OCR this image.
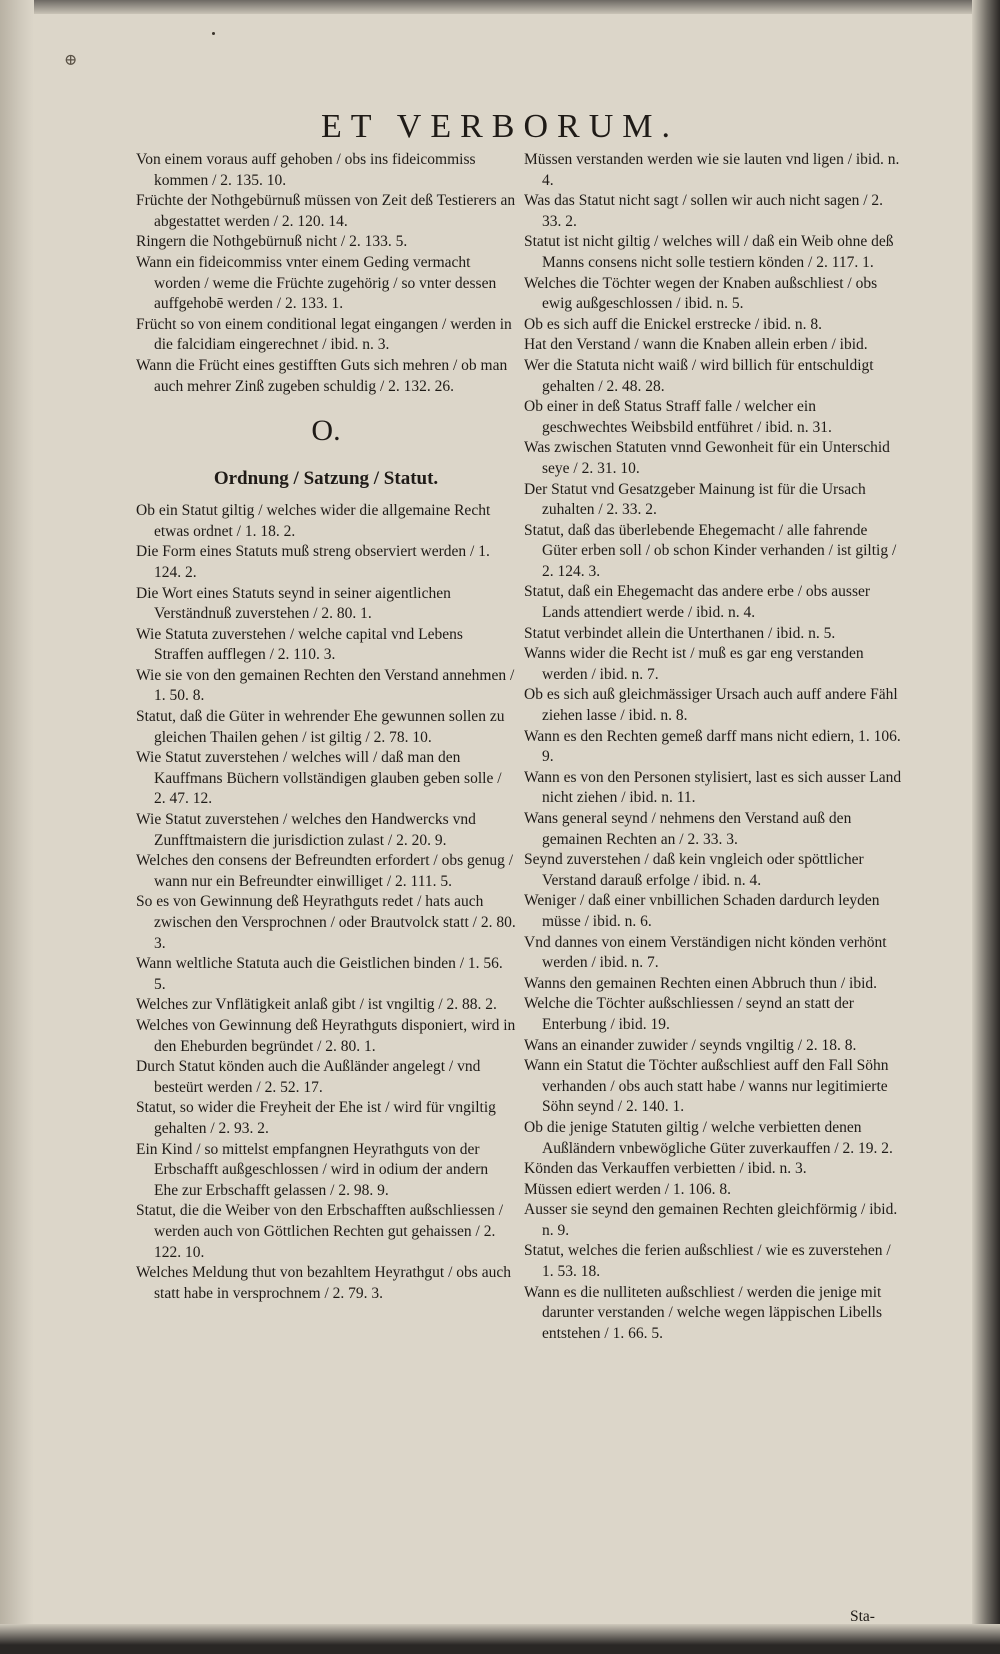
⊕
ET VERBORUM.
Von einem voraus auff gehoben / obs ins fideicommiss kommen / 2. 135. 10.
Früchte der Nothgebürnuß müssen von Zeit deß Testierers an abgestattet werden / 2. 120. 14.
Ringern die Nothgebürnuß nicht / 2. 133. 5.
Wann ein fideicommiss vnter einem Geding vermacht worden / weme die Früchte zugehörig / so vnter dessen auffgehobē werden / 2. 133. 1.
Frücht so von einem conditional legat eingangen / werden in die falcidiam eingerechnet / ibid. n. 3.
Wann die Frücht eines gestifften Guts sich mehren / ob man auch mehrer Zinß zugeben schuldig / 2. 132. 26.
O.
Ordnung / Satzung / Statut.
Ob ein Statut giltig / welches wider die allgemaine Recht etwas ordnet / 1. 18. 2.
Die Form eines Statuts muß streng observiert werden / 1. 124. 2.
Die Wort eines Statuts seynd in seiner aigentlichen Verständnuß zuverstehen / 2. 80. 1.
Wie Statuta zuverstehen / welche capital vnd Lebens Straffen aufflegen / 2. 110. 3.
Wie sie von den gemainen Rechten den Verstand annehmen / 1. 50. 8.
Statut, daß die Güter in wehrender Ehe gewunnen sollen zu gleichen Thailen gehen / ist giltig / 2. 78. 10.
Wie Statut zuverstehen / welches will / daß man den Kauffmans Büchern vollständigen glauben geben solle / 2. 47. 12.
Wie Statut zuverstehen / welches den Handwercks vnd Zunfftmaistern die jurisdiction zulast / 2. 20. 9.
Welches den consens der Befreundten erfordert / obs genug / wann nur ein Befreundter einwilliget / 2. 111. 5.
So es von Gewinnung deß Heyrathguts redet / hats auch zwischen den Versprochnen / oder Brautvolck statt / 2. 80. 3.
Wann weltliche Statuta auch die Geistlichen binden / 1. 56. 5.
Welches zur Vnflätigkeit anlaß gibt / ist vngiltig / 2. 88. 2.
Welches von Gewinnung deß Heyrathguts disponiert, wird in den Eheburden begründet / 2. 80. 1.
Durch Statut könden auch die Außländer angelegt / vnd besteürt werden / 2. 52. 17.
Statut, so wider die Freyheit der Ehe ist / wird für vngiltig gehalten / 2. 93. 2.
Ein Kind / so mittelst empfangnen Heyrathguts von der Erbschafft außgeschlossen / wird in odium der andern Ehe zur Erbschafft gelassen / 2. 98. 9.
Statut, die die Weiber von den Erbschafften außschliessen / werden auch von Göttlichen Rechten gut gehaissen / 2. 122. 10.
Welches Meldung thut von bezahltem Heyrathgut / obs auch statt habe in versprochnem / 2. 79. 3.
Müssen verstanden werden wie sie lauten vnd ligen / ibid. n. 4.
Was das Statut nicht sagt / sollen wir auch nicht sagen / 2. 33. 2.
Statut ist nicht giltig / welches will / daß ein Weib ohne deß Manns consens nicht solle testiern könden / 2. 117. 1.
Welches die Töchter wegen der Knaben außschliest / obs ewig außgeschlossen / ibid. n. 5.
Ob es sich auff die Enickel erstrecke / ibid. n. 8.
Hat den Verstand / wann die Knaben allein erben / ibid.
Wer die Statuta nicht waiß / wird billich für entschuldigt gehalten / 2. 48. 28.
Ob einer in deß Status Straff falle / welcher ein geschwechtes Weibsbild entführet / ibid. n. 31.
Was zwischen Statuten vnnd Gewonheit für ein Unterschid seye / 2. 31. 10.
Der Statut vnd Gesatzgeber Mainung ist für die Ursach zuhalten / 2. 33. 2.
Statut, daß das überlebende Ehegemacht / alle fahrende Güter erben soll / ob schon Kinder verhanden / ist giltig / 2. 124. 3.
Statut, daß ein Ehegemacht das andere erbe / obs ausser Lands attendiert werde / ibid. n. 4.
Statut verbindet allein die Unterthanen / ibid. n. 5.
Wanns wider die Recht ist / muß es gar eng verstanden werden / ibid. n. 7.
Ob es sich auß gleichmässiger Ursach auch auff andere Fähl ziehen lasse / ibid. n. 8.
Wann es den Rechten gemeß darff mans nicht ediern, 1. 106. 9.
Wann es von den Personen stylisiert, last es sich ausser Land nicht ziehen / ibid. n. 11.
Wans general seynd / nehmens den Verstand auß den gemainen Rechten an / 2. 33. 3.
Seynd zuverstehen / daß kein vngleich oder spöttlicher Verstand darauß erfolge / ibid. n. 4.
Weniger / daß einer vnbillichen Schaden dardurch leyden müsse / ibid. n. 6.
Vnd dannes von einem Verständigen nicht könden verhönt werden / ibid. n. 7.
Wanns den gemainen Rechten einen Abbruch thun / ibid.
Welche die Töchter außschliessen / seynd an statt der Enterbung / ibid. 19.
Wans an einander zuwider / seynds vngiltig / 2. 18. 8.
Wann ein Statut die Töchter außschliest auff den Fall Söhn verhanden / obs auch statt habe / wanns nur legitimierte Söhn seynd / 2. 140. 1.
Ob die jenige Statuten giltig / welche verbietten denen Außländern vnbewögliche Güter zuverkauffen / 2. 19. 2.
Könden das Verkauffen verbietten / ibid. n. 3.
Müssen ediert werden / 1. 106. 8.
Ausser sie seynd den gemainen Rechten gleichförmig / ibid. n. 9.
Statut, welches die ferien außschliest / wie es zuverstehen / 1. 53. 18.
Wann es die nulliteten außschliest / werden die jenige mit darunter verstanden / welche wegen läppischen Libells entstehen / 1. 66. 5.
Sta-
